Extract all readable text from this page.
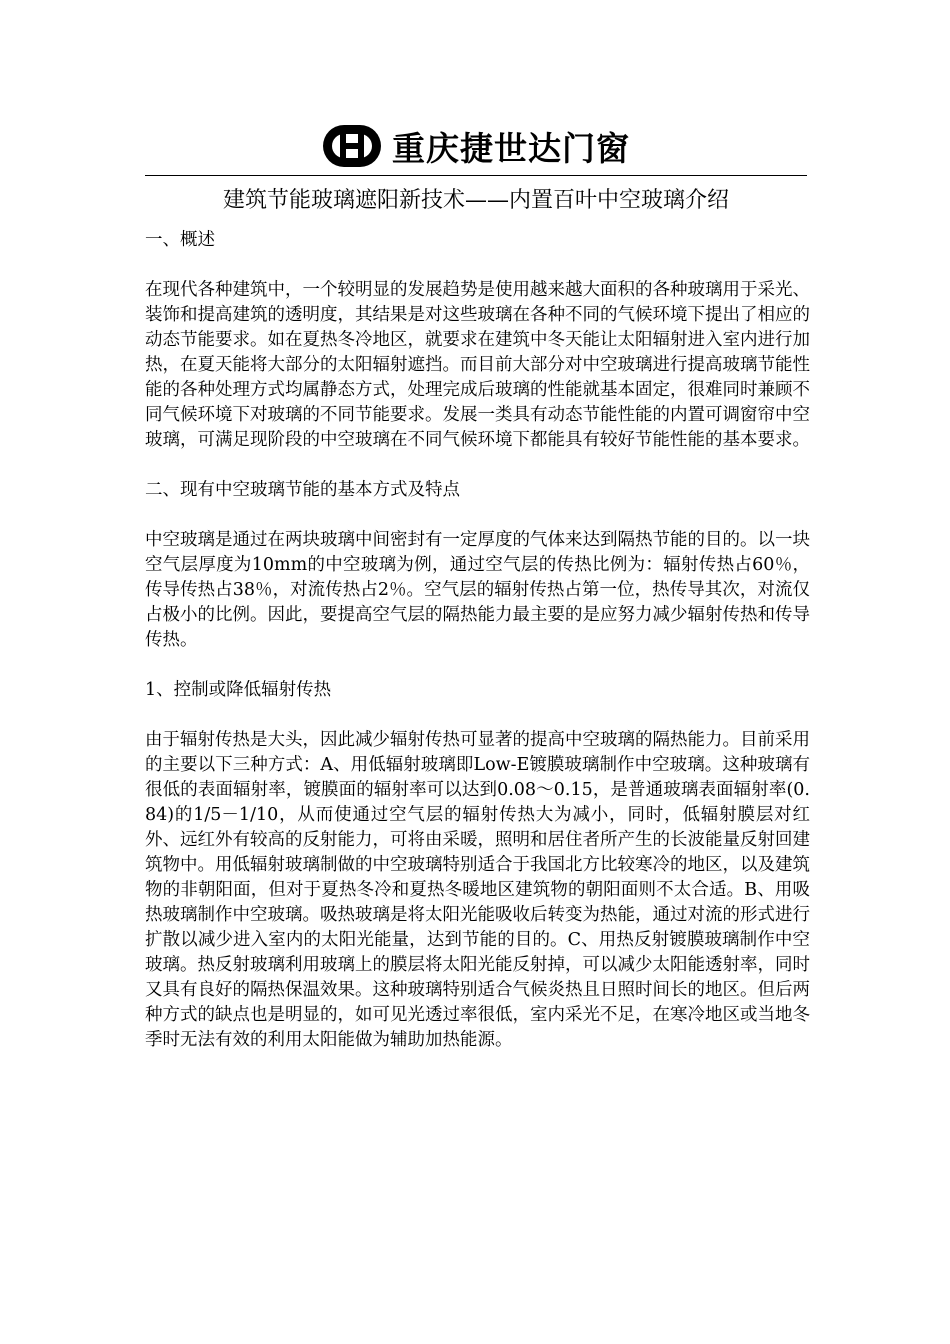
重庆捷世达门窗
建筑节能玻璃遮阳新技术——内置百叶中空玻璃介绍

一、概述

在现代各种建筑中，一个较明显的发展趋势是使用越来越大面积的各种玻璃用于采光、装饰和提高建筑的透明度，其结果是对这些玻璃在各种不同的气候环境下提出了相应的动态节能要求。如在夏热冬冷地区，就要求在建筑中冬天能让太阳辐射进入室内进行加热，在夏天能将大部分的太阳辐射遮挡。而目前大部分对中空玻璃进行提高玻璃节能性能的各种处理方式均属静态方式，处理完成后玻璃的性能就基本固定，很难同时兼顾不同气候环境下对玻璃的不同节能要求。发展一类具有动态节能性能的内置可调窗帘中空玻璃，可满足现阶段的中空玻璃在不同气候环境下都能具有较好节能性能的基本要求。

二、现有中空玻璃节能的基本方式及特点

中空玻璃是通过在两块玻璃中间密封有一定厚度的气体来达到隔热节能的目的。以一块空气层厚度为10mm的中空玻璃为例，通过空气层的传热比例为：辐射传热占60％，传导传热占38％，对流传热占2％。空气层的辐射传热占第一位，热传导其次，对流仅占极小的比例。因此，要提高空气层的隔热能力最主要的是应努力减少辐射传热和传导传热。

1、控制或降低辐射传热

由于辐射传热是大头，因此减少辐射传热可显著的提高中空玻璃的隔热能力。目前采用的主要以下三种方式：A、用低辐射玻璃即Low-E镀膜玻璃制作中空玻璃。这种玻璃有很低的表面辐射率，镀膜面的辐射率可以达到0.08～0.15，是普通玻璃表面辐射率(0.84)的1/5－1/10，从而使通过空气层的辐射传热大为减小，同时，低辐射膜层对红外、远红外有较高的反射能力，可将由采暖，照明和居住者所产生的长波能量反射回建筑物中。用低辐射玻璃制做的中空玻璃特别适合于我国北方比较寒冷的地区，以及建筑物的非朝阳面，但对于夏热冬冷和夏热冬暖地区建筑物的朝阳面则不太合适。B、用吸热玻璃制作中空玻璃。吸热玻璃是将太阳光能吸收后转变为热能，通过对流的形式进行扩散以减少进入室内的太阳光能量，达到节能的目的。C、用热反射镀膜玻璃制作中空玻璃。热反射玻璃利用玻璃上的膜层将太阳光能反射掉，可以减少太阳能透射率，同时又具有良好的隔热保温效果。这种玻璃特别适合气候炎热且日照时间长的地区。但后两种方式的缺点也是明显的，如可见光透过率很低，室内采光不足，在寒冷地区或当地冬季时无法有效的利用太阳能做为辅助加热能源。
